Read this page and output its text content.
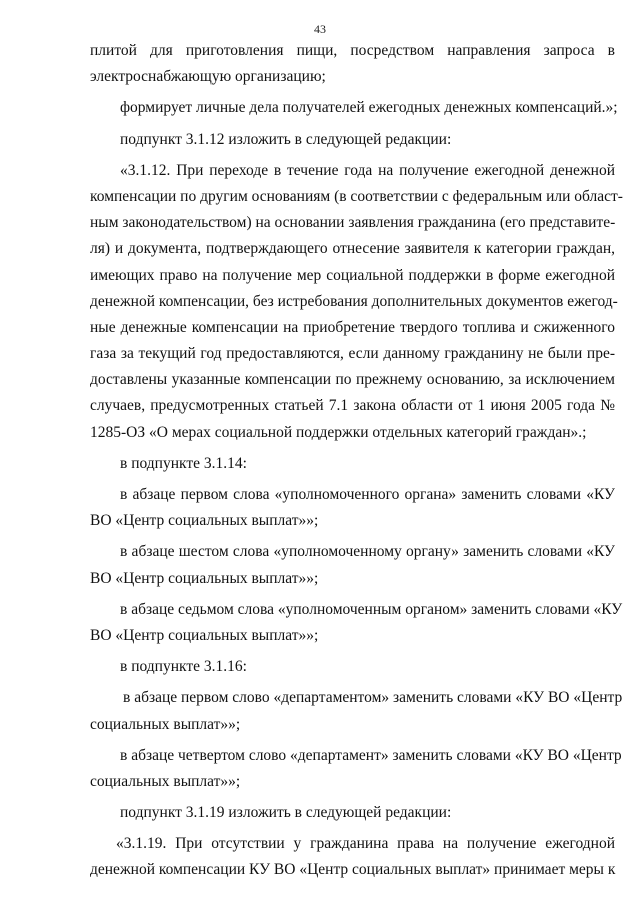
43
плитой для приготовления пищи, посредством направления запроса в
электроснабжающую организацию;
формирует личные дела получателей ежегодных денежных компенсаций.»;
подпункт 3.1.12 изложить в следующей редакции:
«3.1.12. При переходе в течение года на получение ежегодной денежной
компенсации по другим основаниям (в соответствии с федеральным или област-
ным законодательством) на основании заявления гражданина (его представите-
ля) и документа, подтверждающего отнесение заявителя к категории граждан,
имеющих право на получение мер социальной поддержки в форме ежегодной
денежной компенсации, без истребования дополнительных документов ежегод-
ные денежные компенсации на приобретение твердого топлива и сжиженного
газа за текущий год предоставляются, если данному гражданину не были пре-
доставлены указанные компенсации по прежнему основанию, за исключением
случаев, предусмотренных статьей 7.1 закона области от 1 июня 2005 года №
1285-ОЗ «О мерах социальной поддержки отдельных категорий граждан».;
в подпункте 3.1.14:
в абзаце первом слова «уполномоченного органа» заменить словами «КУ
ВО «Центр социальных выплат»»;
в абзаце шестом слова «уполномоченному органу» заменить словами «КУ
ВО «Центр социальных выплат»»;
в абзаце седьмом слова «уполномоченным органом» заменить словами «КУ
ВО «Центр социальных выплат»»;
в подпункте 3.1.16:
в абзаце первом слово «департаментом» заменить словами «КУ ВО «Центр
социальных выплат»»;
в абзаце четвертом слово «департамент» заменить словами «КУ ВО «Центр
социальных выплат»»;
подпункт 3.1.19 изложить в следующей редакции:
«3.1.19. При отсутствии у гражданина права на получение ежегодной
денежной компенсации КУ ВО «Центр социальных выплат» принимает меры к
